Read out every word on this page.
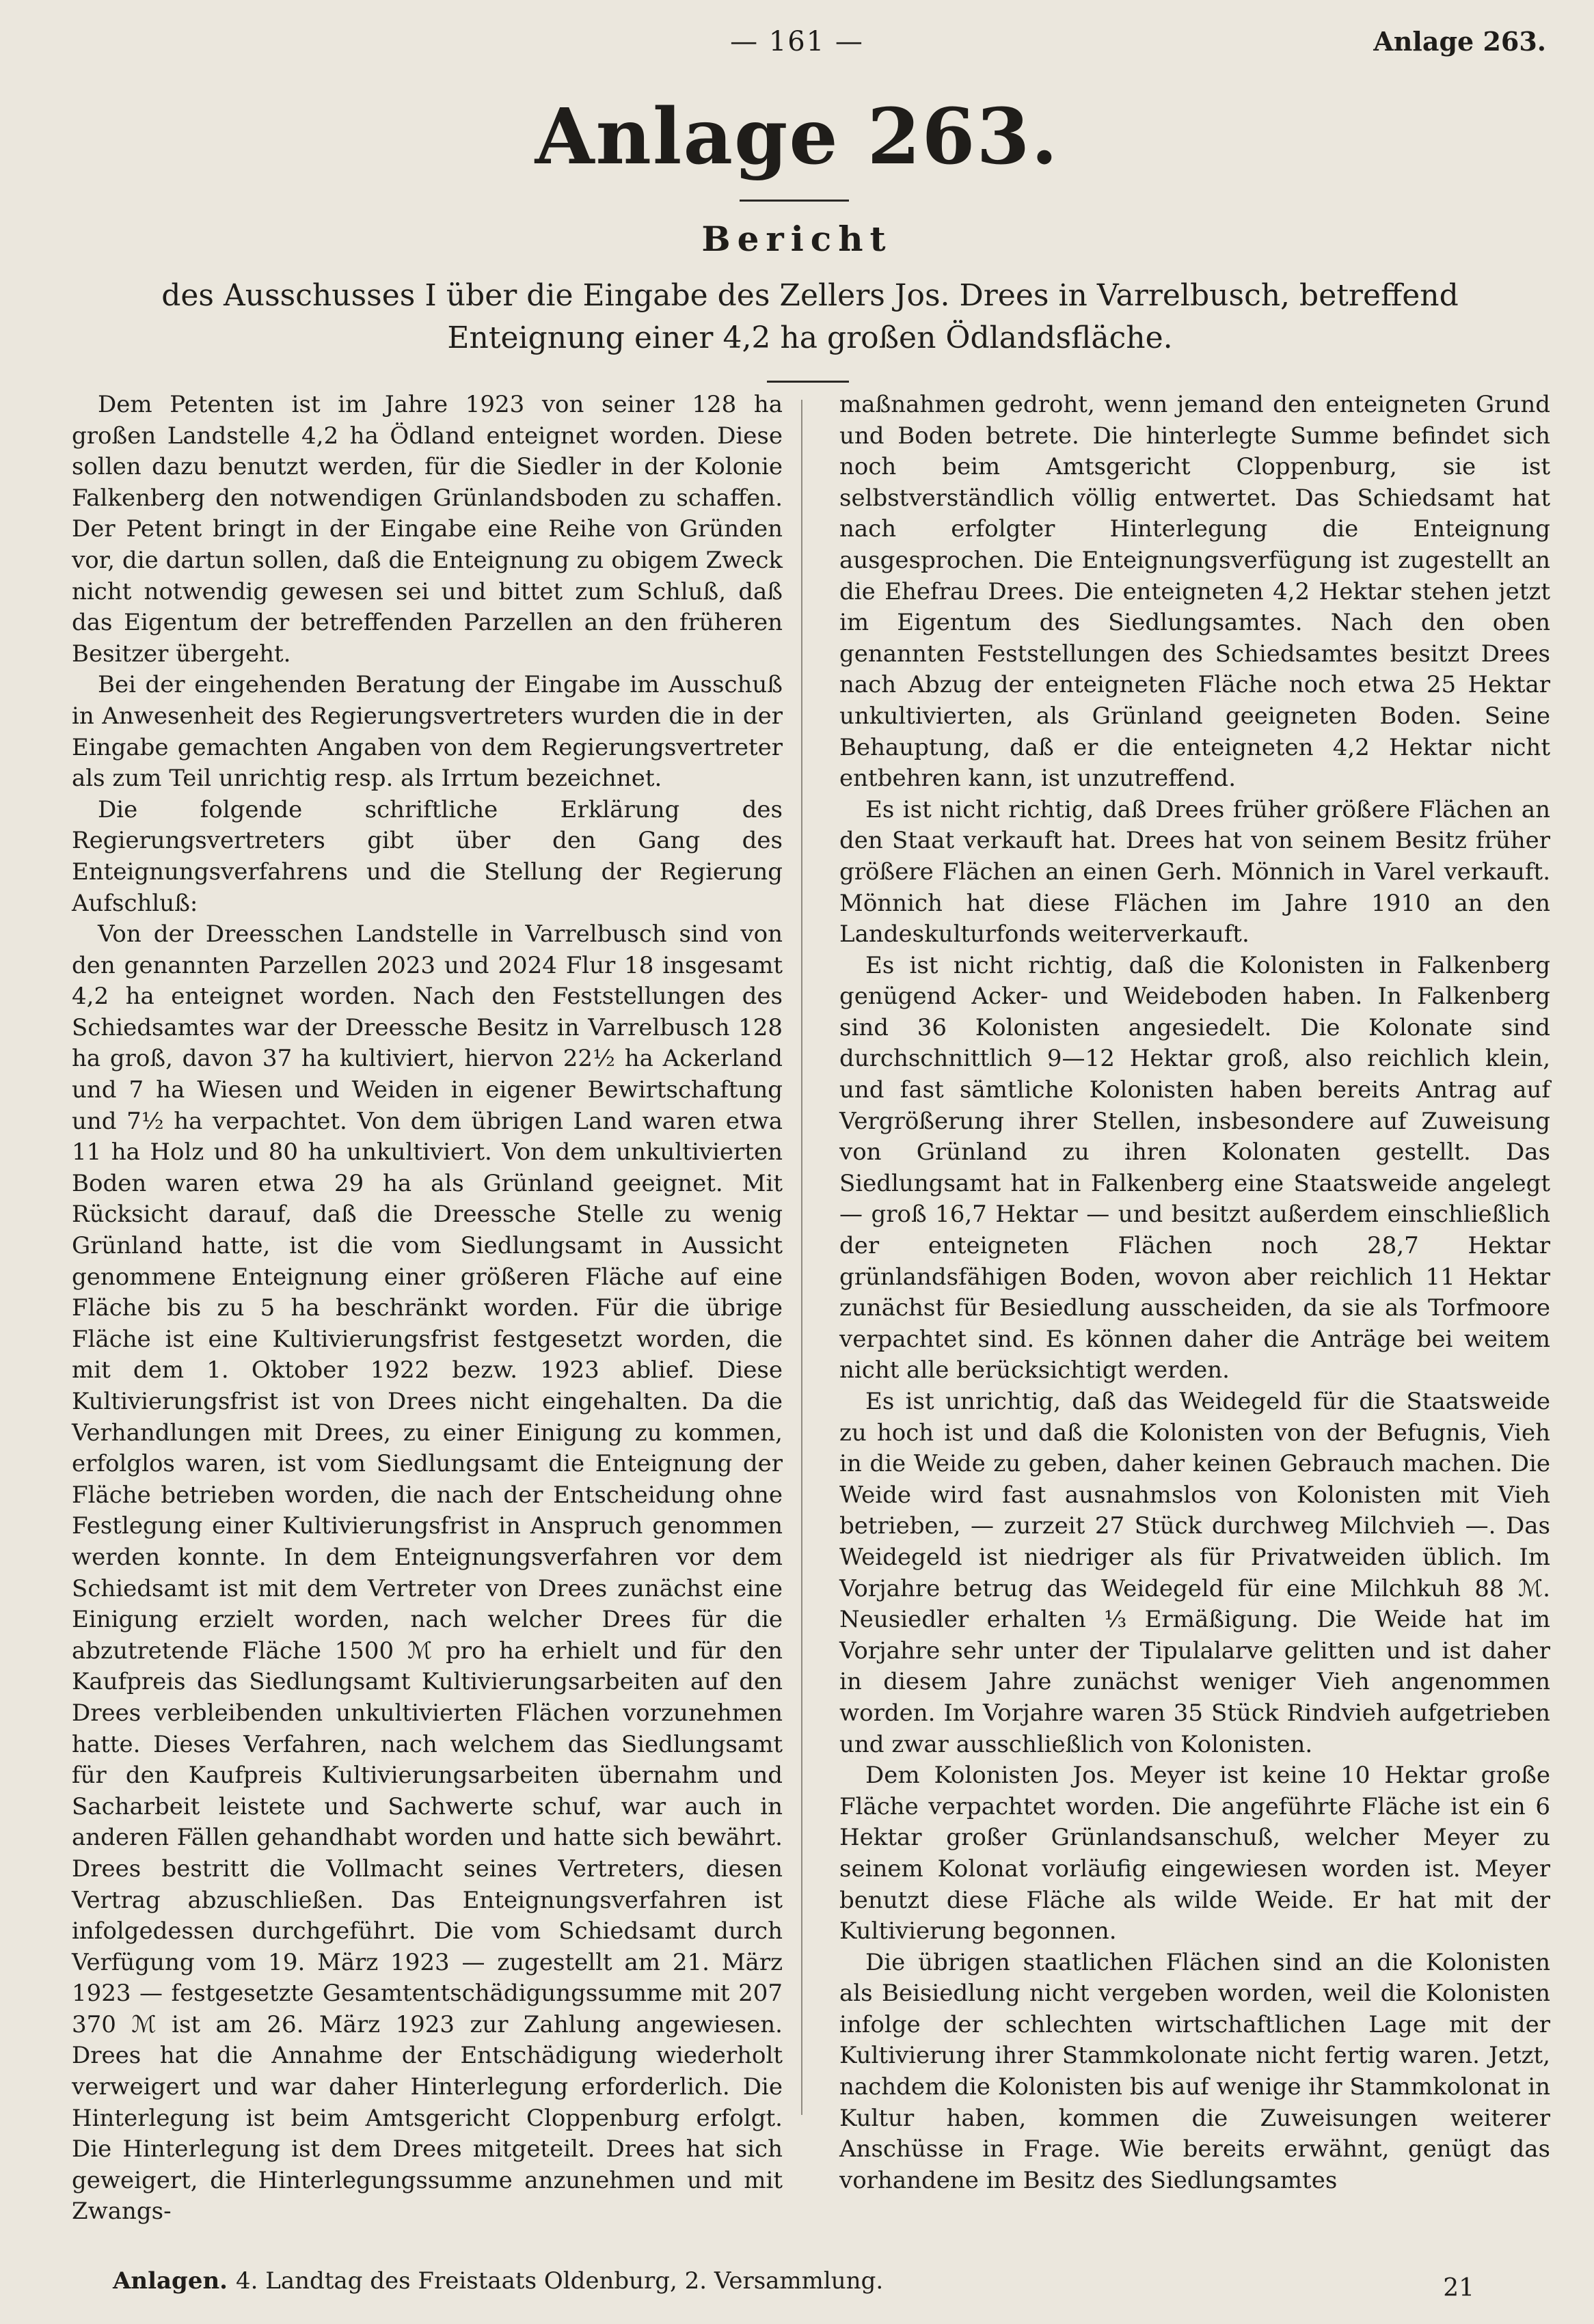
— 161 —	Anlage 263.
Anlage 263.
Bericht
des Ausschusses I über die Eingabe des Zellers Jos. Drees in Varrelbusch, betreffend Enteignung einer 4,2 ha großen Ödlandsfläche.

Dem Petenten ist im Jahre 1923 von seiner 128 ha großen Landstelle 4,2 ha Ödland enteignet worden. Diese sollen dazu benutzt werden, für die Siedler in der Kolonie Falkenberg den notwendigen Grünlandsboden zu schaffen. Der Petent bringt in der Eingabe eine Reihe von Gründen vor, die dartun sollen, daß die Enteignung zu obigem Zweck nicht notwendig gewesen sei und bittet zum Schluß, daß das Eigentum der betreffenden Parzellen an den früheren Besitzer übergeht.

Bei der eingehenden Beratung der Eingabe im Ausschuß in Anwesenheit des Regierungsvertreters wurden die in der Eingabe gemachten Angaben von dem Regierungsvertreter als zum Teil unrichtig resp. als Irrtum bezeichnet.

Die folgende schriftliche Erklärung des Regierungsvertreters gibt über den Gang des Enteignungsverfahrens und die Stellung der Regierung Aufschluß:

Von der Dreesschen Landstelle in Varrelbusch sind von den genannten Parzellen 2023 und 2024 Flur 18 insgesamt 4,2 ha enteignet worden. Nach den Feststellungen des Schiedsamtes war der Dreessche Besitz in Varrelbusch 128 ha groß, davon 37 ha kultiviert, hiervon 22½ ha Ackerland und 7 ha Wiesen und Weiden in eigener Bewirtschaftung und 7½ ha verpachtet. Von dem übrigen Land waren etwa 11 ha Holz und 80 ha unkultiviert. Von dem unkultivierten Boden waren etwa 29 ha als Grünland geeignet. Mit Rücksicht darauf, daß die Dreessche Stelle zu wenig Grünland hatte, ist die vom Siedlungsamt in Aussicht genommene Enteignung einer größeren Fläche auf eine Fläche bis zu 5 ha beschränkt worden. Für die übrige Fläche ist eine Kultivierungsfrist festgesetzt worden, die mit dem 1. Oktober 1922 bezw. 1923 ablief. Diese Kultivierungsfrist ist von Drees nicht eingehalten. Da die Verhandlungen mit Drees, zu einer Einigung zu kommen, erfolglos waren, ist vom Siedlungsamt die Enteignung der Fläche betrieben worden, die nach der Entscheidung ohne Festlegung einer Kultivierungsfrist in Anspruch genommen werden konnte. In dem Enteignungsverfahren vor dem Schiedsamt ist mit dem Vertreter von Drees zunächst eine Einigung erzielt worden, nach welcher Drees für die abzutretende Fläche 1500 ℳ pro ha erhielt und für den Kaufpreis das Siedlungsamt Kultivierungsarbeiten auf den Drees verbleibenden unkultivierten Flächen vorzunehmen hatte. Dieses Verfahren, nach welchem das Siedlungsamt für den Kaufpreis Kultivierungsarbeiten übernahm und Sacharbeit leistete und Sachwerte schuf, war auch in anderen Fällen gehandhabt worden und hatte sich bewährt. Drees bestritt die Vollmacht seines Vertreters, diesen Vertrag abzuschließen. Das Enteignungsverfahren ist infolgedessen durchgeführt. Die vom Schiedsamt durch Verfügung vom 19. März 1923 — zugestellt am 21. März 1923 — festgesetzte Gesamtentschädigungssumme mit 207 370 ℳ ist am 26. März 1923 zur Zahlung angewiesen. Drees hat die Annahme der Entschädigung wiederholt verweigert und war daher Hinterlegung erforderlich. Die Hinterlegung ist beim Amtsgericht Cloppenburg erfolgt. Die Hinterlegung ist dem Drees mitgeteilt. Drees hat sich geweigert, die Hinterlegungssumme anzunehmen und mit Zwangs-

maßnahmen gedroht, wenn jemand den enteigneten Grund und Boden betrete. Die hinterlegte Summe befindet sich noch beim Amtsgericht Cloppenburg, sie ist selbstverständlich völlig entwertet. Das Schiedsamt hat nach erfolgter Hinterlegung die Enteignung ausgesprochen. Die Enteignungsverfügung ist zugestellt an die Ehefrau Drees. Die enteigneten 4,2 Hektar stehen jetzt im Eigentum des Siedlungsamtes. Nach den oben genannten Feststellungen des Schiedsamtes besitzt Drees nach Abzug der enteigneten Fläche noch etwa 25 Hektar unkultivierten, als Grünland geeigneten Boden. Seine Behauptung, daß er die enteigneten 4,2 Hektar nicht entbehren kann, ist unzutreffend.

Es ist nicht richtig, daß Drees früher größere Flächen an den Staat verkauft hat. Drees hat von seinem Besitz früher größere Flächen an einen Gerh. Mönnich in Varel verkauft. Mönnich hat diese Flächen im Jahre 1910 an den Landeskulturfonds weiterverkauft.

Es ist nicht richtig, daß die Kolonisten in Falkenberg genügend Acker- und Weideboden haben. In Falkenberg sind 36 Kolonisten angesiedelt. Die Kolonate sind durchschnittlich 9—12 Hektar groß, also reichlich klein, und fast sämtliche Kolonisten haben bereits Antrag auf Vergrößerung ihrer Stellen, insbesondere auf Zuweisung von Grünland zu ihren Kolonaten gestellt. Das Siedlungsamt hat in Falkenberg eine Staatsweide angelegt — groß 16,7 Hektar — und besitzt außerdem einschließlich der enteigneten Flächen noch 28,7 Hektar grünlandsfähigen Boden, wovon aber reichlich 11 Hektar zunächst für Besiedlung ausscheiden, da sie als Torfmoore verpachtet sind. Es können daher die Anträge bei weitem nicht alle berücksichtigt werden.

Es ist unrichtig, daß das Weidegeld für die Staatsweide zu hoch ist und daß die Kolonisten von der Befugnis, Vieh in die Weide zu geben, daher keinen Gebrauch machen. Die Weide wird fast ausnahmslos von Kolonisten mit Vieh betrieben, — zurzeit 27 Stück durchweg Milchvieh —. Das Weidegeld ist niedriger als für Privatweiden üblich. Im Vorjahre betrug das Weidegeld für eine Milchkuh 88 ℳ. Neusiedler erhalten ⅓ Ermäßigung. Die Weide hat im Vorjahre sehr unter der Tipulalarve gelitten und ist daher in diesem Jahre zunächst weniger Vieh angenommen worden. Im Vorjahre waren 35 Stück Rindvieh aufgetrieben und zwar ausschließlich von Kolonisten.

Dem Kolonisten Jos. Meyer ist keine 10 Hektar große Fläche verpachtet worden. Die angeführte Fläche ist ein 6 Hektar großer Grünlandsanschuß, welcher Meyer zu seinem Kolonat vorläufig eingewiesen worden ist. Meyer benutzt diese Fläche als wilde Weide. Er hat mit der Kultivierung begonnen.

Die übrigen staatlichen Flächen sind an die Kolonisten als Beisiedlung nicht vergeben worden, weil die Kolonisten infolge der schlechten wirtschaftlichen Lage mit der Kultivierung ihrer Stammkolonate nicht fertig waren. Jetzt, nachdem die Kolonisten bis auf wenige ihr Stammkolonat in Kultur haben, kommen die Zuweisungen weiterer Anschüsse in Frage. Wie bereits erwähnt, genügt das vorhandene im Besitz des Siedlungsamtes

Anlagen. 4. Landtag des Freistaats Oldenburg, 2. Versammlung.	21
